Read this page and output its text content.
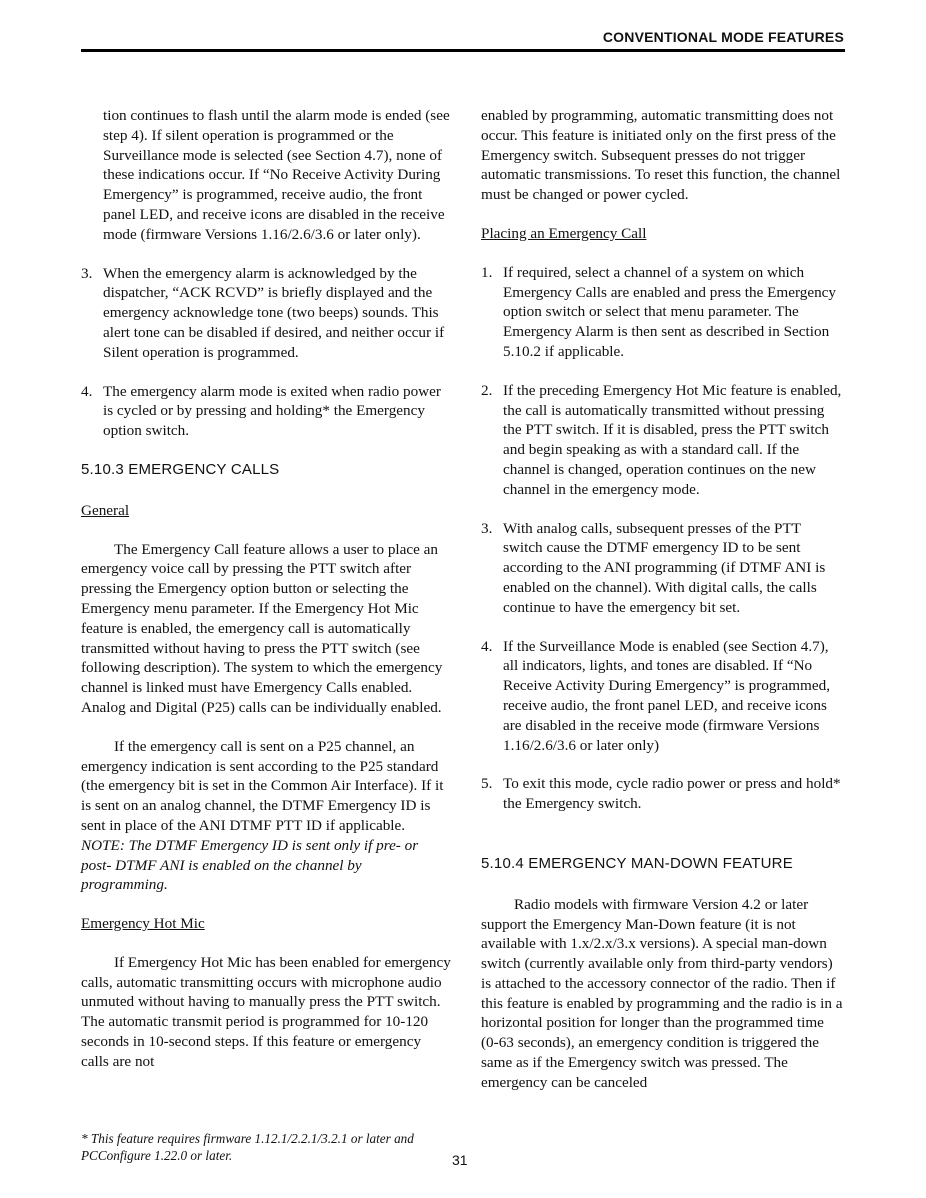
CONVENTIONAL MODE FEATURES

tion continues to flash until the alarm mode is ended (see step 4). If silent operation is programmed or the Surveillance mode is selected (see Section 4.7), none of these indications occur. If “No Receive Activity During Emergency” is programmed, receive audio, the front panel LED, and receive icons are disabled in the receive mode (firmware Versions 1.16/2.6/3.6 or later only).

3. When the emergency alarm is acknowledged by the dispatcher, “ACK RCVD” is briefly displayed and the emergency acknowledge tone (two beeps) sounds. This alert tone can be disabled if desired, and neither occur if Silent operation is programmed.
4. The emergency alarm mode is exited when radio power is cycled or by pressing and holding* the Emergency option switch.
5.10.3 EMERGENCY CALLS
General

The Emergency Call feature allows a user to place an emergency voice call by pressing the PTT switch after pressing the Emergency option button or selecting the Emergency menu parameter. If the Emergency Hot Mic feature is enabled, the emergency call is automatically transmitted without having to press the PTT switch (see following description). The system to which the emergency channel is linked must have Emergency Calls enabled. Analog and Digital (P25) calls can be individually enabled.

If the emergency call is sent on a P25 channel, an emergency indication is sent according to the P25 standard (the emergency bit is set in the Common Air Interface). If it is sent on an analog channel, the DTMF Emergency ID is sent in place of the ANI DTMF PTT ID if applicable. NOTE: The DTMF Emergency ID is sent only if pre- or post- DTMF ANI is enabled on the channel by programming.

Emergency Hot Mic

If Emergency Hot Mic has been enabled for emergency calls, automatic transmitting occurs with microphone audio unmuted without having to manually press the PTT switch. The automatic transmit period is programmed for 10-120 seconds in 10-second steps. If this feature or emergency calls are not

enabled by programming, automatic transmitting does not occur. This feature is initiated only on the first press of the Emergency switch. Subsequent presses do not trigger automatic transmissions. To reset this function, the channel must be changed or power cycled.

Placing an Emergency Call
1. If required, select a channel of a system on which Emergency Calls are enabled and press the Emergency option switch or select that menu parameter. The Emergency Alarm is then sent as described in Section 5.10.2 if applicable.
2. If the preceding Emergency Hot Mic feature is enabled, the call is automatically transmitted without pressing the PTT switch. If it is disabled, press the PTT switch and begin speaking as with a standard call. If the channel is changed, operation continues on the new channel in the emergency mode.
3. With analog calls, subsequent presses of the PTT switch cause the DTMF emergency ID to be sent according to the ANI programming (if DTMF ANI is enabled on the channel). With digital calls, the calls continue to have the emergency bit set.
4. If the Surveillance Mode is enabled (see Section 4.7), all indicators, lights, and tones are disabled. If “No Receive Activity During Emergency” is programmed, receive audio, the front panel LED, and receive icons are disabled in the receive mode (firmware Versions 1.16/2.6/3.6 or later only)
5. To exit this mode, cycle radio power or press and hold* the Emergency switch.
5.10.4 EMERGENCY MAN-DOWN FEATURE

Radio models with firmware Version 4.2 or later support the Emergency Man-Down feature (it is not available with 1.x/2.x/3.x versions). A special man-down switch (currently available only from third-party vendors) is attached to the accessory connector of the radio. Then if this feature is enabled by programming and the radio is in a horizontal position for longer than the programmed time (0-63 seconds), an emergency condition is triggered the same as if the Emergency switch was pressed. The emergency can be canceled

* This feature requires firmware 1.12.1/2.2.1/3.2.1 or later and PCConfigure 1.22.0 or later.	31
